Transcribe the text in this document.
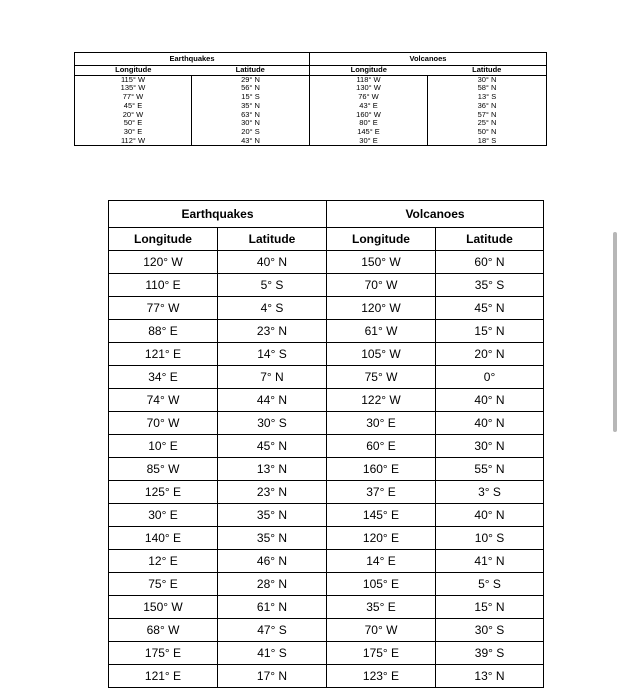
Earthquakes		Volcanoes	
Longitude	Latitude	Longitude	Latitude
115° W	29° N	118° W	30° N
135° W	56° N	130° W	58° N
77° W	15° S	76° W	13° S
45° E	35° N	43° E	36° N
20° W	63° N	160° W	57° N
50° E	30° N	80° E	25° N
30° E	20° S	145° E	50° N
112° W	43° N	30° E	18° S
Earthquakes		Volcanoes	
Longitude	Latitude	Longitude	Latitude
120° W	40° N	150° W	60° N
110° E	5° S	70° W	35° S
77° W	4° S	120° W	45° N
88° E	23° N	61° W	15° N
121° E	14° S	105° W	20° N
34° E	7° N	75° W	0°
74° W	44° N	122° W	40° N
70° W	30° S	30° E	40° N
10° E	45° N	60° E	30° N
85° W	13° N	160° E	55° N
125° E	23° N	37° E	3° S
30° E	35° N	145° E	40° N
140° E	35° N	120° E	10° S
12° E	46° N	14° E	41° N
75° E	28° N	105° E	5° S
150° W	61° N	35° E	15° N
68° W	47° S	70° W	30° S
175° E	41° S	175° E	39° S
121° E	17° N	123° E	13° N
